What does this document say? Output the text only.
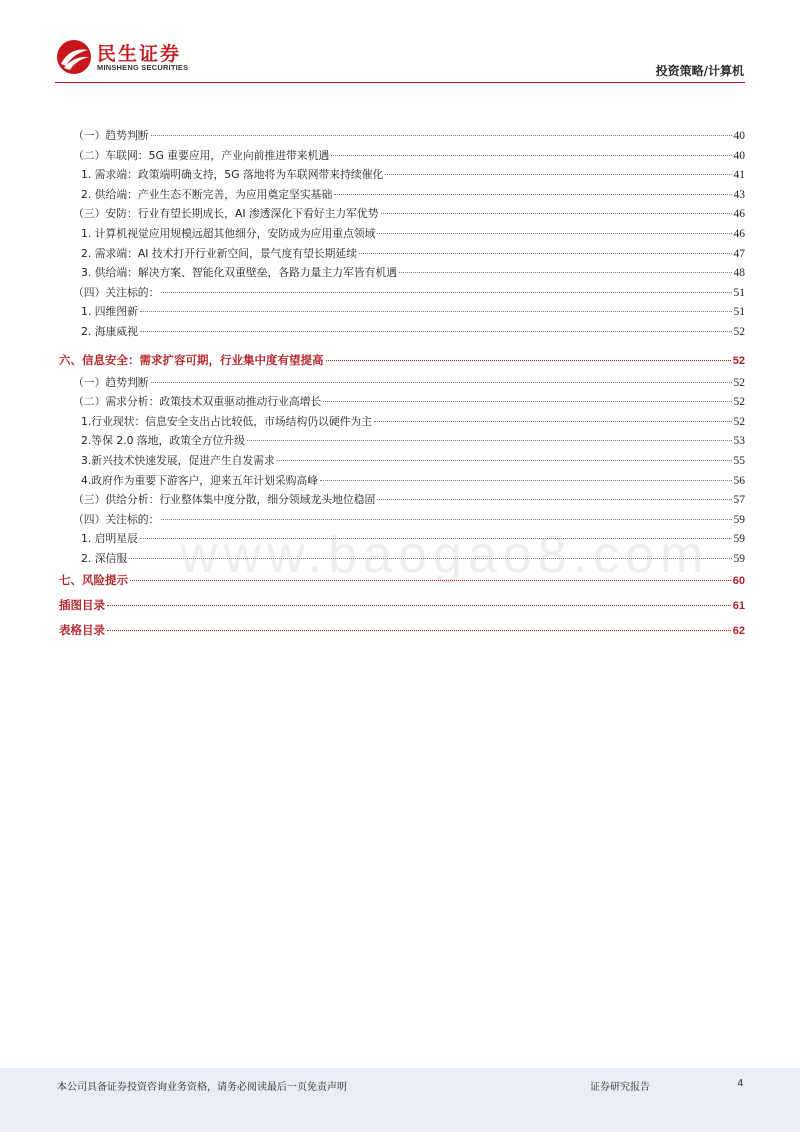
民生证券
MINSHENG SECURITIES	投资策略/计算机
www.baogao8.com
（一）趋势判断	40
（二）车联网：5G 重要应用，产业向前推进带来机遇	40
1. 需求端：政策端明确支持，5G 落地将为车联网带来持续催化	41
2. 供给端：产业生态不断完善，为应用奠定坚实基础	43
（三）安防：行业有望长期成长，AI 渗透深化下看好主力军优势	46
1. 计算机视觉应用规模远超其他细分，安防成为应用重点领域	46
2. 需求端：AI 技术打开行业新空间，景气度有望长期延续	47
3. 供给端：解决方案、智能化双重壁垒，各路力量主力军皆有机遇	48
（四）关注标的：	51
1. 四维图新	51
2. 海康威视	52
六、信息安全：需求扩容可期，行业集中度有望提高	52
（一）趋势判断	52
（二）需求分析：政策技术双重驱动推动行业高增长	52
1.行业现状：信息安全支出占比较低，市场结构仍以硬件为主	52
2.等保 2.0 落地，政策全方位升级	53
3.新兴技术快速发展，促进产生自发需求	55
4.政府作为重要下游客户，迎来五年计划采购高峰	56
（三）供给分析：行业整体集中度分散，细分领域龙头地位稳固	57
（四）关注标的：	59
1. 启明星辰	59
2. 深信服	59
七、风险提示	60
插图目录	61
表格目录	62
本公司具备证券投资咨询业务资格，请务必阅读最后一页免责声明	证券研究报告	4
